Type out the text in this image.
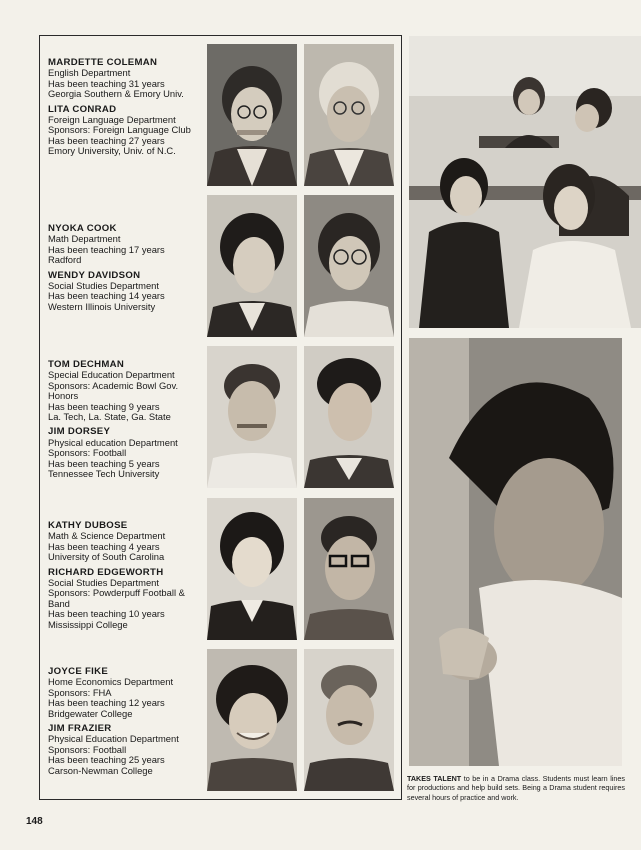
MARDETTE COLEMAN
English Department
Has been teaching 31 years
Georgia Southern & Emory Univ.
LITA CONRAD
Foreign Language Department
Sponsors: Foreign Language Club
Has been teaching 27 years
Emory University, Univ. of N.C.
NYOKA COOK
Math Department
Has been teaching 17 years
Radford
WENDY DAVIDSON
Social Studies Department
Has been teaching 14 years
Western Illinois University
TOM DECHMAN
Special Education Department
Sponsors: Academic Bowl Gov. Honors
Has been teaching 9 years
La. Tech, La. State, Ga. State
JIM DORSEY
Physical education Department
Sponsors: Football
Has been teaching 5 years
Tennessee Tech University
KATHY DUBOSE
Math & Science Department
Has been teaching 4 years
University of South Carolina
RICHARD EDGEWORTH
Social Studies Department
Sponsors: Powderpuff Football & Band
Has been teaching 10 years
Mississippi College
JOYCE FIKE
Home Economics Department
Sponsors: FHA
Has been teaching 12 years
Bridgewater College
JIM FRAZIER
Physical Education Department
Sponsors: Football
Has been teaching 25 years
Carson-Newman College
TAKES TALENT to be in a Drama class. Students must learn lines for productions and help build sets. Being a Drama student requires several hours of practice and work.
148
